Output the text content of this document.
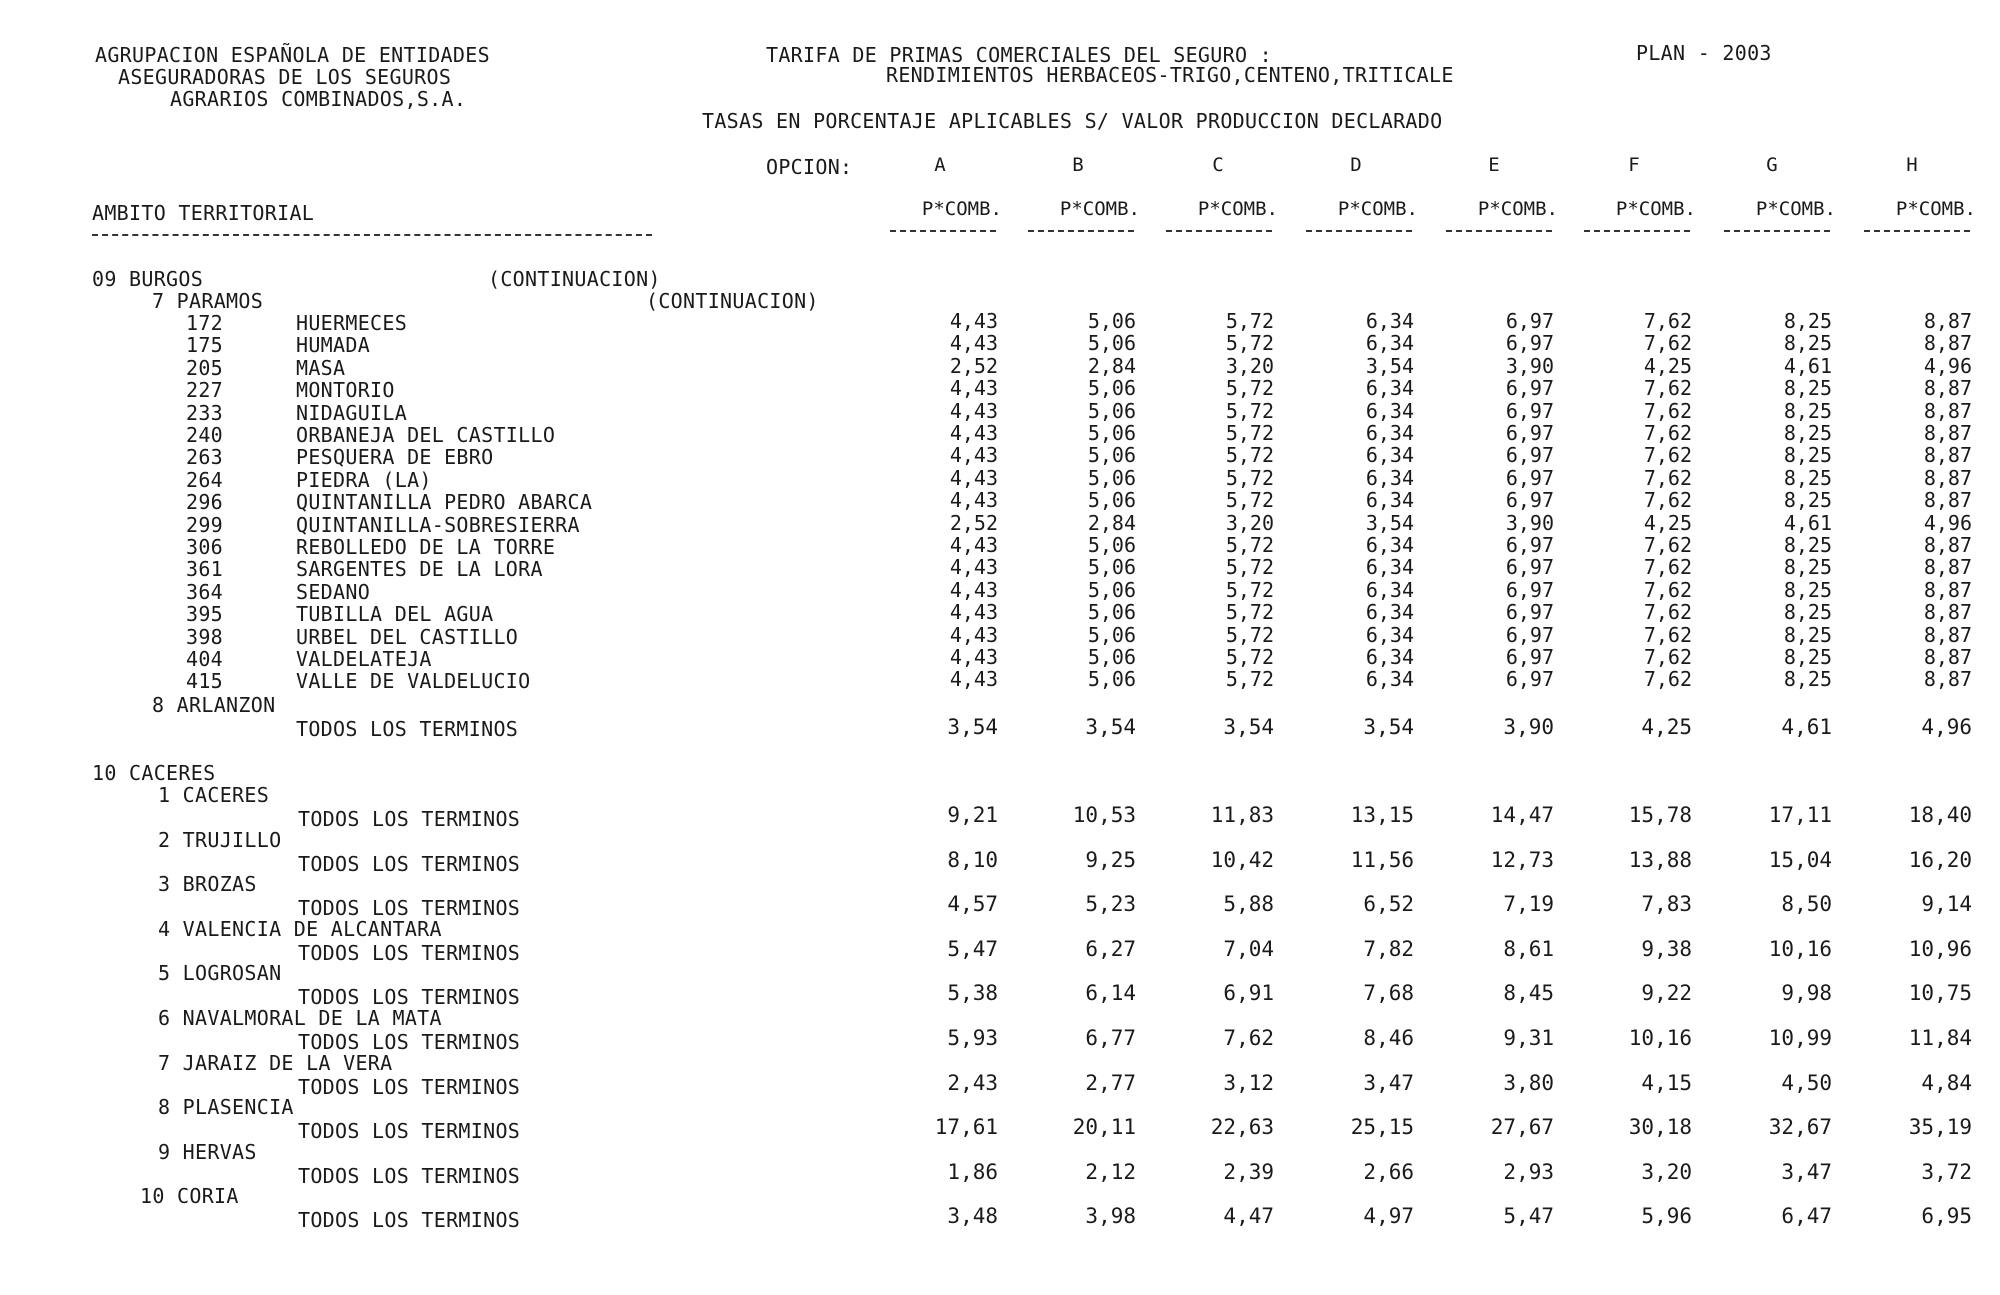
AGRUPACION ESPAÑOLA DE ENTIDADES
ASEGURADORAS DE LOS SEGUROS
AGRARIOS COMBINADOS,S.A.
TARIFA DE PRIMAS COMERCIALES DEL SEGURO :
RENDIMIENTOS HERBACEOS-TRIGO,CENTENO,TRITICALE
PLAN - 2003
TASAS EN PORCENTAJE APLICABLES S/ VALOR PRODUCCION DECLARADO
OPCION:	A	B	C	D	E	F	G	H
AMBITO TERRITORIAL	P*COMB.	P*COMB.	P*COMB.	P*COMB.	P*COMB.	P*COMB.	P*COMB.	P*COMB.
09 BURGOS	(CONTINUACION)
7 PARAMOS	(CONTINUACION)
172	HUERMECES	4,43	5,06	5,72	6,34	6,97	7,62	8,25	8,87
175	HUMADA	4,43	5,06	5,72	6,34	6,97	7,62	8,25	8,87
205	MASA	2,52	2,84	3,20	3,54	3,90	4,25	4,61	4,96
227	MONTORIO	4,43	5,06	5,72	6,34	6,97	7,62	8,25	8,87
233	NIDAGUILA	4,43	5,06	5,72	6,34	6,97	7,62	8,25	8,87
240	ORBANEJA DEL CASTILLO	4,43	5,06	5,72	6,34	6,97	7,62	8,25	8,87
263	PESQUERA DE EBRO	4,43	5,06	5,72	6,34	6,97	7,62	8,25	8,87
264	PIEDRA (LA)	4,43	5,06	5,72	6,34	6,97	7,62	8,25	8,87
296	QUINTANILLA PEDRO ABARCA	4,43	5,06	5,72	6,34	6,97	7,62	8,25	8,87
299	QUINTANILLA-SOBRESIERRA	2,52	2,84	3,20	3,54	3,90	4,25	4,61	4,96
306	REBOLLEDO DE LA TORRE	4,43	5,06	5,72	6,34	6,97	7,62	8,25	8,87
361	SARGENTES DE LA LORA	4,43	5,06	5,72	6,34	6,97	7,62	8,25	8,87
364	SEDANO	4,43	5,06	5,72	6,34	6,97	7,62	8,25	8,87
395	TUBILLA DEL AGUA	4,43	5,06	5,72	6,34	6,97	7,62	8,25	8,87
398	URBEL DEL CASTILLO	4,43	5,06	5,72	6,34	6,97	7,62	8,25	8,87
404	VALDELATEJA	4,43	5,06	5,72	6,34	6,97	7,62	8,25	8,87
415	VALLE DE VALDELUCIO	4,43	5,06	5,72	6,34	6,97	7,62	8,25	8,87
8 ARLANZON
TODOS LOS TERMINOS	3,54	3,54	3,54	3,54	3,90	4,25	4,61	4,96
10 CACERES
1 CACERES
TODOS LOS TERMINOS	9,21	10,53	11,83	13,15	14,47	15,78	17,11	18,40
2 TRUJILLO
TODOS LOS TERMINOS	8,10	9,25	10,42	11,56	12,73	13,88	15,04	16,20
3 BROZAS
TODOS LOS TERMINOS	4,57	5,23	5,88	6,52	7,19	7,83	8,50	9,14
4 VALENCIA DE ALCANTARA
TODOS LOS TERMINOS	5,47	6,27	7,04	7,82	8,61	9,38	10,16	10,96
5 LOGROSAN
TODOS LOS TERMINOS	5,38	6,14	6,91	7,68	8,45	9,22	9,98	10,75
6 NAVALMORAL DE LA MATA
TODOS LOS TERMINOS	5,93	6,77	7,62	8,46	9,31	10,16	10,99	11,84
7 JARAIZ DE LA VERA
TODOS LOS TERMINOS	2,43	2,77	3,12	3,47	3,80	4,15	4,50	4,84
8 PLASENCIA
TODOS LOS TERMINOS	17,61	20,11	22,63	25,15	27,67	30,18	32,67	35,19
9 HERVAS
TODOS LOS TERMINOS	1,86	2,12	2,39	2,66	2,93	3,20	3,47	3,72
10 CORIA
TODOS LOS TERMINOS	3,48	3,98	4,47	4,97	5,47	5,96	6,47	6,95
